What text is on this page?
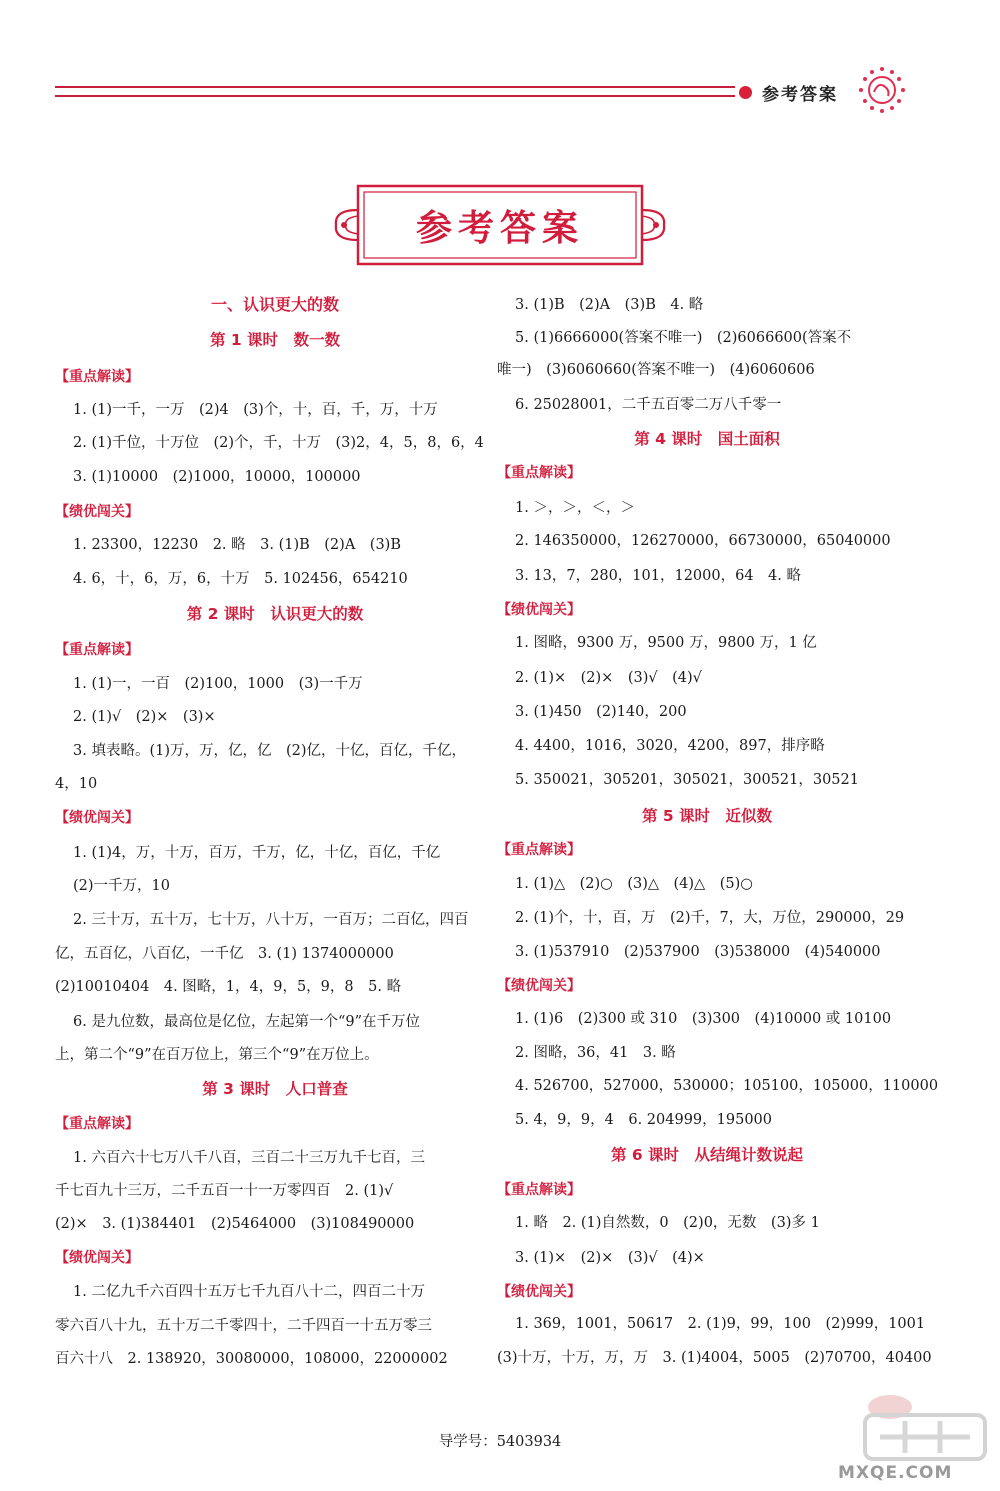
参考答案
参考答案
一、认识更大的数
第 1 课时　数一数
【重点解读】
1. (1)一千，一万　(2)4　(3)个，十，百，千，万，十万
2. (1)千位，十万位　(2)个，千，十万　(3)2，4，5，8，6，4
3. (1)10000　(2)1000，10000，100000
【绩优闯关】
1. 23300，12230　2. 略　3. (1)B　(2)A　(3)B
4. 6，十，6，万，6，十万　5. 102456，654210
第 2 课时　认识更大的数
【重点解读】
1. (1)一，一百　(2)100，1000　(3)一千万
2. (1)√　(2)×　(3)×
3. 填表略。(1)万，万，亿，亿　(2)亿，十亿，百亿，千亿，
4，10
【绩优闯关】
1. (1)4，万，十万，百万，千万，亿，十亿，百亿，千亿
(2)一千万，10
2. 三十万，五十万，七十万，八十万，一百万；二百亿，四百
亿，五百亿，八百亿，一千亿　3. (1) 1374000000
(2)10010404　4. 图略，1，4，9，5，9，8　5. 略
6. 是九位数，最高位是亿位，左起第一个“9”在千万位
上，第二个“9”在百万位上，第三个“9”在万位上。
第 3 课时　人口普查
【重点解读】
1. 六百六十七万八千八百，三百二十三万九千七百，三
千七百九十三万，二千五百一十一万零四百　2. (1)√
(2)×　3. (1)384401　(2)5464000　(3)108490000
【绩优闯关】
1. 二亿九千六百四十五万七千九百八十二，四百二十万
零六百八十九，五十万二千零四十，二千四百一十五万零三
百六十八　2. 138920，30080000，108000，22000002
3. (1)B　(2)A　(3)B　4. 略
5. (1)6666000(答案不唯一)　(2)6066600(答案不
唯一)　(3)6060660(答案不唯一)　(4)6060606
6. 25028001，二千五百零二万八千零一
第 4 课时　国土面积
【重点解读】
1. ＞，＞，＜，＞
2. 146350000，126270000，66730000，65040000
3. 13，7，280，101，12000，64　4. 略
【绩优闯关】
1. 图略，9300 万，9500 万，9800 万，1 亿
2. (1)×　(2)×　(3)√　(4)√
3. (1)450　(2)140，200
4. 4400，1016，3020，4200，897，排序略
5. 350021，305201，305021，300521，30521
第 5 课时　近似数
【重点解读】
1. (1)△　(2)○　(3)△　(4)△　(5)○
2. (1)个，十，百，万　(2)千，7，大，万位，290000，29
3. (1)537910　(2)537900　(3)538000　(4)540000
【绩优闯关】
1. (1)6　(2)300 或 310　(3)300　(4)10000 或 10100
2. 图略，36，41　3. 略
4. 526700，527000，530000；105100，105000，110000
5. 4，9，9，4　6. 204999，195000
第 6 课时　从结绳计数说起
【重点解读】
1. 略　2. (1)自然数，0　(2)0，无数　(3)多 1
3. (1)×　(2)×　(3)√　(4)×
【绩优闯关】
1. 369，1001，50617　2. (1)9，99，100　(2)999，1001
(3)十万，十万，万，万　3. (1)4004，5005　(2)70700，40400
导学号：5403934
MXQE.COM
